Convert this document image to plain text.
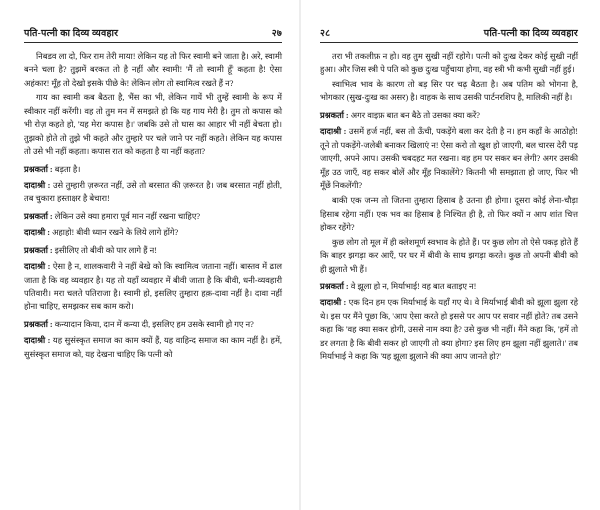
पति-पत्नी का दिव्य व्यवहार	२७

निबडव ला दो, फिर राम तेरी माया! लेकिन यह तो फिर स्वामी बने जाता है। अरे, स्वामी बनने चला है? तुझमें बरकत तो है नहीं और स्वामी! 'मैं तो स्वामी हूँ' कहता है! ऐसा अहंकार! मूँह तो देखो इसके पीछे के! लेकिन लोग तो स्वामित्व रखते हैं न?

गाय का स्वामी कब बैठता है, भैंस का भी, लेकिन गायें भी तुम्हें स्वामी के रूप में स्वीकार नहीं करेंगी। वह तो तुम मन में समझते हो कि यह गाय मेरी है। तुम तो कपास को भी रोज़ कहते हो, 'यह मेरा कपास है।' जबकि उसे तो घास का आहार भी नहीं बेचता हो। तुझको होते तो तुझे भी कहते और तुम्हारे पर चले जाने पर नहीं कहते। लेकिन यह कपास तो उसे भी नहीं कहता। कपास रात को कहता है या नहीं कहता?

प्रश्नकर्ता : बड़ता है।

दादाश्री : उसे तुम्हारी ज़रूरत नहीं, उसे तो बरसात की ज़रूरत है। जब बरसात नहीं होती, तब चुकारा हस्ताक्षर है बेचारा!

प्रश्नकर्ता : लेकिन उसे क्या हमारा पूर्व मान नहीं रखना चाहिए?

दादाश्री : अहाहो! बीवी ध्यान रखने के लिये लागे होंगे?

प्रश्नकर्ता : इसीलिए तो बीवी को पार लागे हैं न!

दादाश्री : ऐसा है न, शालकवारी ने नहीं बेखे को कि स्वामित्व जताना नहीं। बास्तव में ढाल जाता है कि वह व्यवहार है। यह तो यहाँ व्यवहार में बीवी जाता है कि बीवी, धनी-व्यवहारी पतिवारी। मरा चलते पतिराजा है। स्वामी हो, इसलिए तुम्हारा हक़-दावा नहीं है। दावा नहीं होना चाहिए, समझकर सब काम करो।

प्रश्नकर्ता : कन्यादान किया, दान में कन्या दी, इसलिए हम उसके स्वामी हो गए न?

दादाश्री : यह सुसंस्कृत समाज का काम क्यों हैं, यह वाहिन्द समाज का काम नहीं है। हमें, सुसंस्कृत समाज को, यह देखना चाहिए कि पत्नी को

२८	पति-पत्नी का दिव्य व्यवहार

तरा भी तकलीफ़ न हो। वह तुम सुखी नहीं रहोगे। पत्नी को दुःख देकर कोई सुखी नहीं हुआ। और जिस स्त्री पे पति को कुछ दुःख पहुँचाया होगा, वह स्त्री भी कभी सुखी नहीं हुई।

स्वाभित्व भाव के कारण तो बड़ सिर पर चढ़ बैठता है। अब पतिम को भोगना है, भोगकार (सुख-दुःख का असर) है। वाहक के साथ उसकी पार्टनरशिप है, मालिकी नहीं है।

प्रश्नकर्ता : अगर वाइफ़ बात बन बैठे तो उसका क्या करें?

दादाश्री : उसमें हर्ज नहीं, बस तो ऊँची, पकड़ेंगे बला कर देती है न। हम कहाँ के आठोहो! तूने तो पकड़ेंगे-जलेबी बनाकर खिलाएं न! ऐसा करो तो खुश हो जाएगी, बल चारस देरी पड़ जाएगी, अपने आप। उसकी चबदहट मत रखना। वह हम पर सकर बन लेगी? अगर उसकी मूँह उठ जाएँ, वह सकर बोलें और मूँह निकालेंगे? कितनी भी समझाता हो जाए, फिर भी मूँछें निकलेंगी?

बाकी एक जन्म तो जितना तुम्हारा हिसाब है उतना ही होगा। दूसरा कोई लेना-चौड़ा हिसाब रहेगा नहीं। एक भव का हिसाब है निश्चित ही है, तो फिर क्यों न आप शांत चित्त होकर रहेंगे?

कुछ लोग तो मूल में ही क्लेशमूर्ण स्वभाव के होते हैं। पर कुछ लोग तो ऐसे पकड़ होते हैं कि बाहर झगड़ा कर आएँ, पर घर में बीवी के साथ झगड़ा करते। कुछ तो अपनी बीवी को ही झुलाते भी हैं।

प्रश्नकर्ता : वे झूला हो न, मिर्याभाई! वह बात बताइए न!

दादाश्री : एक दिन हम एक मिर्याभाई के यहाँ गए थे। वे मिर्याभाई बीवी को झूला झुला रहे थे। इस पर मैंने पूछा कि, 'आप ऐसा करते हो इससे पर आप पर सवार नहीं होते? तब उसने कहा कि 'वह क्या सकर होगी, उससे नाम क्या है? उसे कुछ भी नहीं। मैंने कहा कि, 'हमें तो डर लगता है कि बीवी सकर हो जाएगी तो क्या होगा? इस लिए हम झूला नहीं झुलाते।' तब मिर्याभाई ने कहा कि 'यह झूला झुलाने की क्या आप जानते हो?'
